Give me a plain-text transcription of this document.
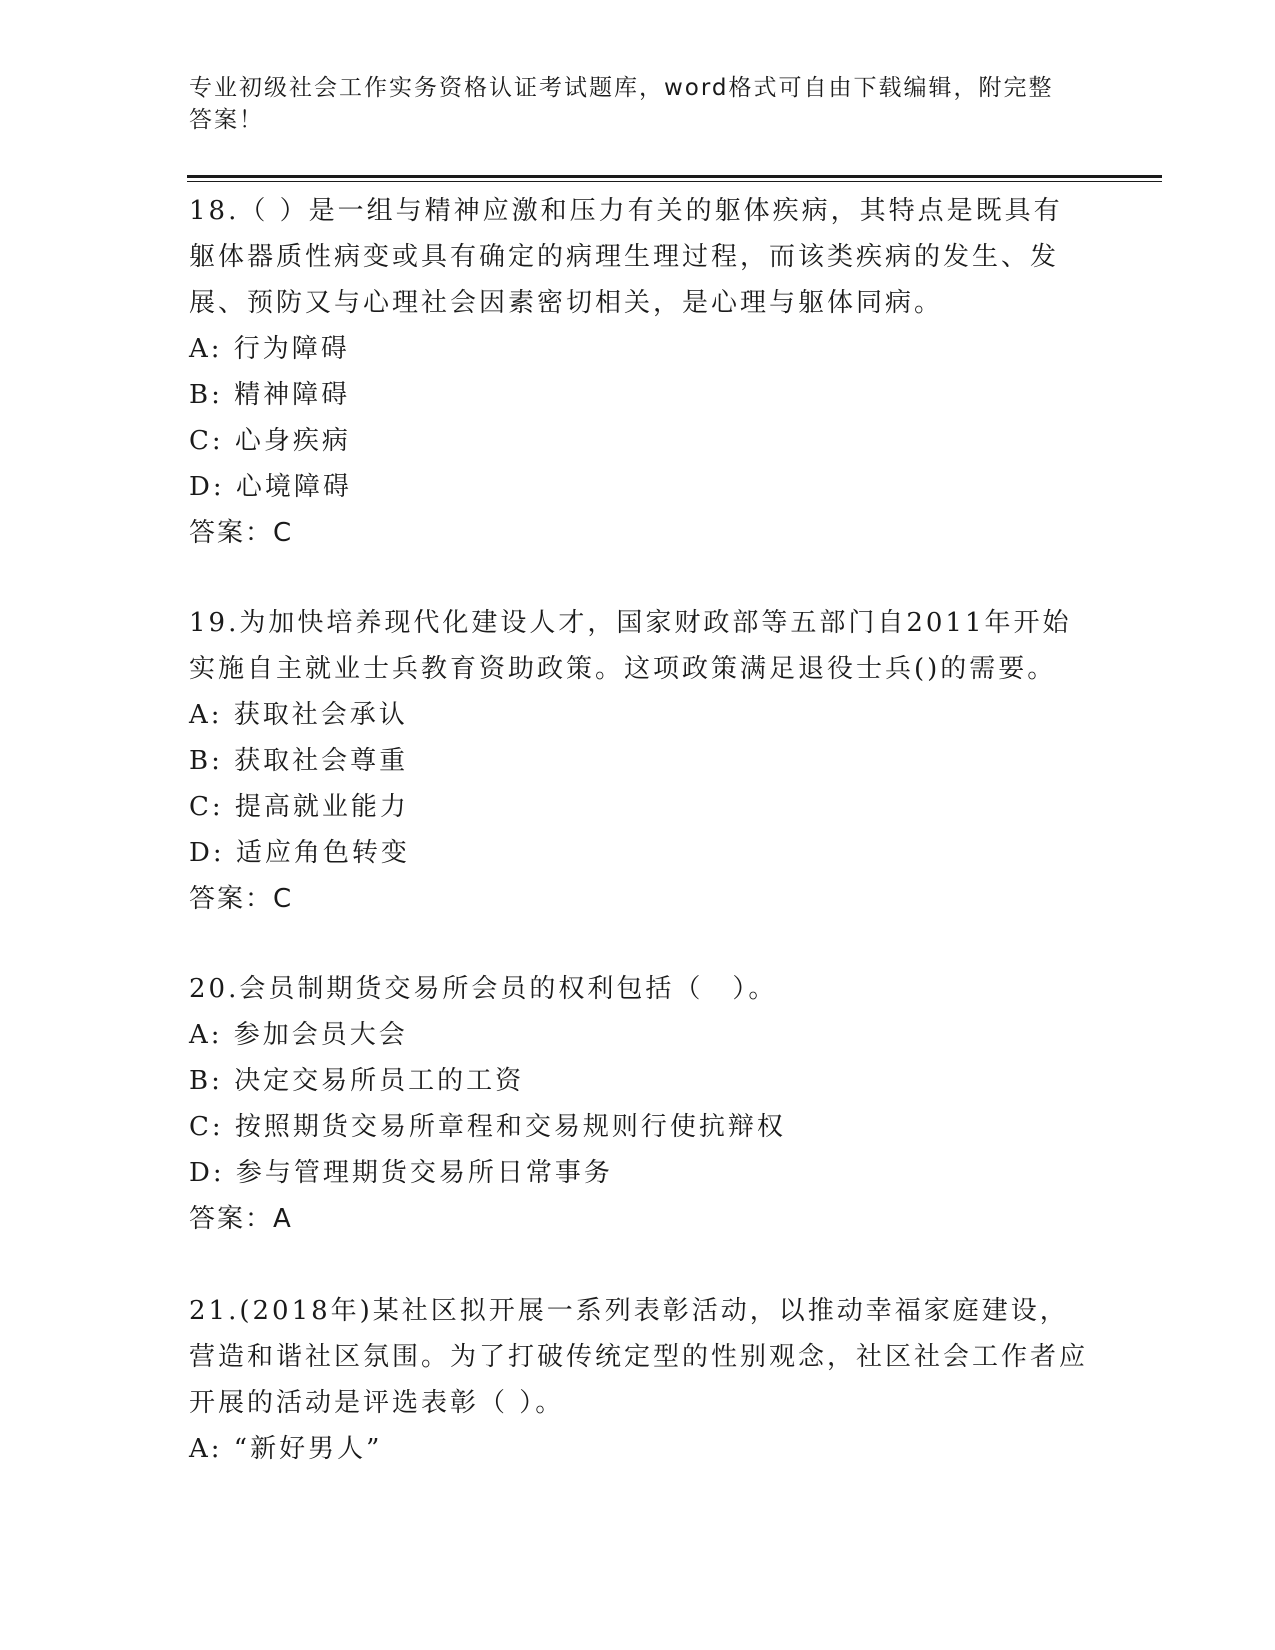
专业初级社会工作实务资格认证考试题库，word格式可自由下载编辑，附完整答案！
18.（ ）是一组与精神应激和压力有关的躯体疾病，其特点是既具有躯体器质性病变或具有确定的病理生理过程，而该类疾病的发生、发展、预防又与心理社会因素密切相关，是心理与躯体同病。
A: 行为障碍
B: 精神障碍
C: 心身疾病
D: 心境障碍
答案：C
19.为加快培养现代化建设人才，国家财政部等五部门自2011年开始实施自主就业士兵教育资助政策。这项政策满足退役士兵()的需要。
A: 获取社会承认
B: 获取社会尊重
C: 提高就业能力
D: 适应角色转变
答案：C
20.会员制期货交易所会员的权利包括（　）。
A: 参加会员大会
B: 决定交易所员工的工资
C: 按照期货交易所章程和交易规则行使抗辩权
D: 参与管理期货交易所日常事务
答案：A
21.(2018年)某社区拟开展一系列表彰活动，以推动幸福家庭建设，营造和谐社区氛围。为了打破传统定型的性别观念，社区社会工作者应开展的活动是评选表彰（ ）。
A: “新好男人”
